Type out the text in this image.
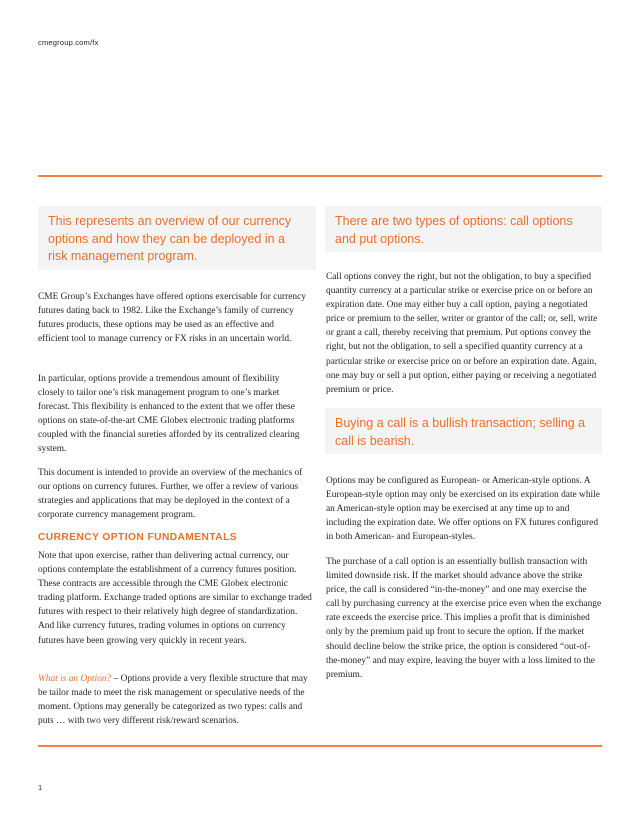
cmegroup.com/fx
This represents an overview of our currency options and how they can be deployed in a risk management program.
There are two types of options: call options and put options.
Buying a call is a bullish transaction; selling a call is bearish.

CME Group’s Exchanges have offered options exercisable for currency futures dating back to 1982. Like the Exchange’s family of currency futures products, these options may be used as an effective and efficient tool to manage currency or FX risks in an uncertain world.

In particular, options provide a tremendous amount of flexibility closely to tailor one’s risk management program to one’s market forecast. This flexibility is enhanced to the extent that we offer these options on state-of-the-art CME Globex electronic trading platforms coupled with the financial sureties afforded by its centralized clearing system.

This document is intended to provide an overview of the mechanics of our options on currency futures. Further, we offer a review of various strategies and applications that may be deployed in the context of a corporate currency management program.

CURRENCY OPTION FUNDAMENTALS

Note that upon exercise, rather than delivering actual currency, our options contemplate the establishment of a currency futures position. These contracts are accessible through the CME Globex electronic trading platform. Exchange traded options are similar to exchange traded futures with respect to their relatively high degree of standardization. And like currency futures, trading volumes in options on currency futures have been growing very quickly in recent years.

What is an Option? – Options provide a very flexible structure that may be tailor made to meet the risk management or speculative needs of the moment. Options may generally be categorized as two types: calls and puts … with two very different risk/reward scenarios.

Call options convey the right, but not the obligation, to buy a specified quantity currency at a particular strike or exercise price on or before an expiration date. One may either buy a call option, paying a negotiated price or premium to the seller, writer or grantor of the call; or, sell, write or grant a call, thereby receiving that premium. Put options convey the right, but not the obligation, to sell a specified quantity currency at a particular strike or exercise price on or before an expiration date. Again, one may buy or sell a put option, either paying or receiving a negotiated premium or price.

Options may be configured as European- or American-style options. A European-style option may only be exercised on its expiration date while an American-style option may be exercised at any time up to and including the expiration date. We offer options on FX futures configured in both American- and European-styles.

The purchase of a call option is an essentially bullish transaction with limited downside risk. If the market should advance above the strike price, the call is considered “in-the-money” and one may exercise the call by purchasing currency at the exercise price even when the exchange rate exceeds the exercise price. This implies a profit that is diminished only by the premium paid up front to secure the option. If the market should decline below the strike price, the option is considered “out-of-the-money” and may expire, leaving the buyer with a loss limited to the premium.

1
